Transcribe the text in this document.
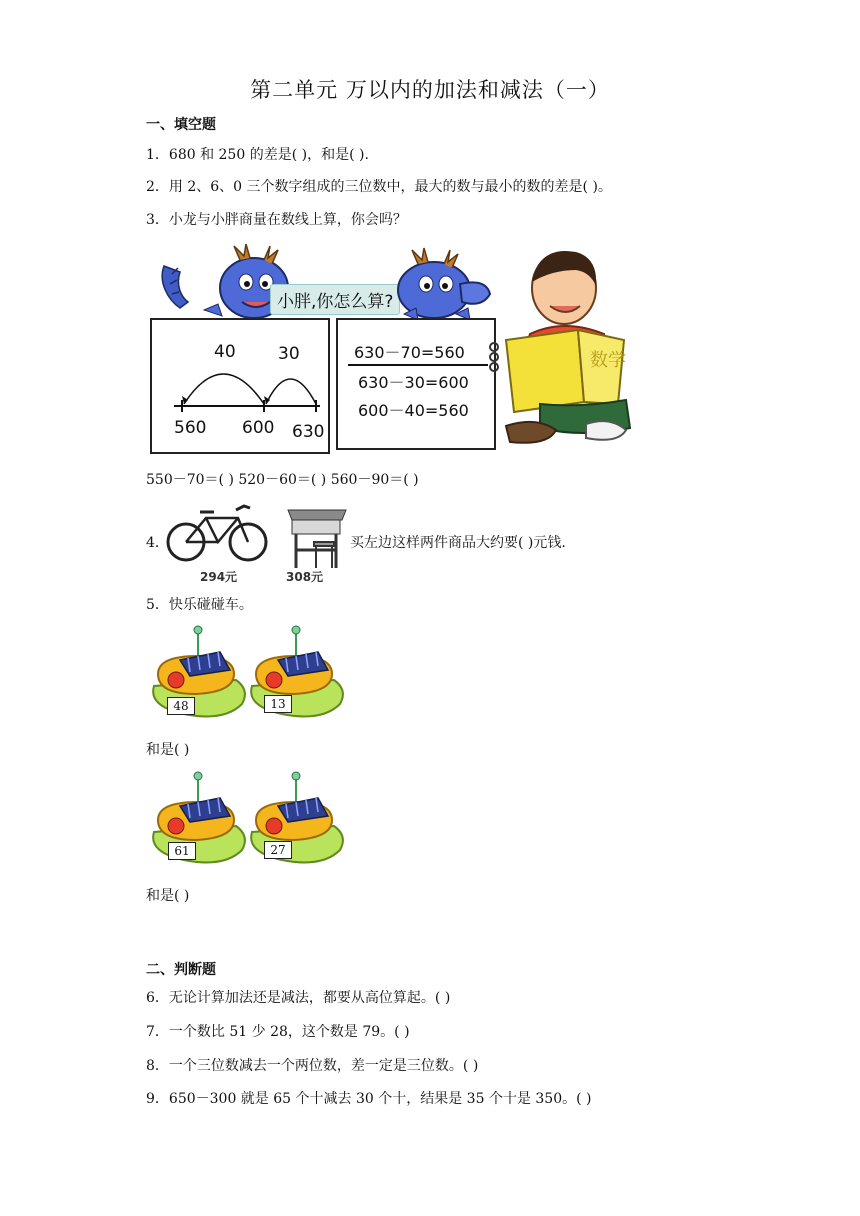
第二单元 万以内的加法和减法（一）
一、填空题
1．680 和 250 的差是( )，和是( ).
2．用 2、6、0 三个数字组成的三位数中，最大的数与最小的数的差是( )。
3．小龙与小胖商量在数线上算，你会吗？
小胖,你怎么算?
40 30
560 600 630
630－70=560
630－30=600
600－40=560
数学
550－70＝( ) 520－60＝( ) 560－90＝( )
4．
294元	308元
买左边这样两件商品大约要( )元钱.
5．快乐碰碰车。
48	13
和是( )
61	27
和是( )
二、判断题
6．无论计算加法还是减法，都要从高位算起。( )
7．一个数比 51 少 28，这个数是 79。( )
8．一个三位数减去一个两位数，差一定是三位数。( )
9．650－300 就是 65 个十减去 30 个十，结果是 35 个十是 350。( )
